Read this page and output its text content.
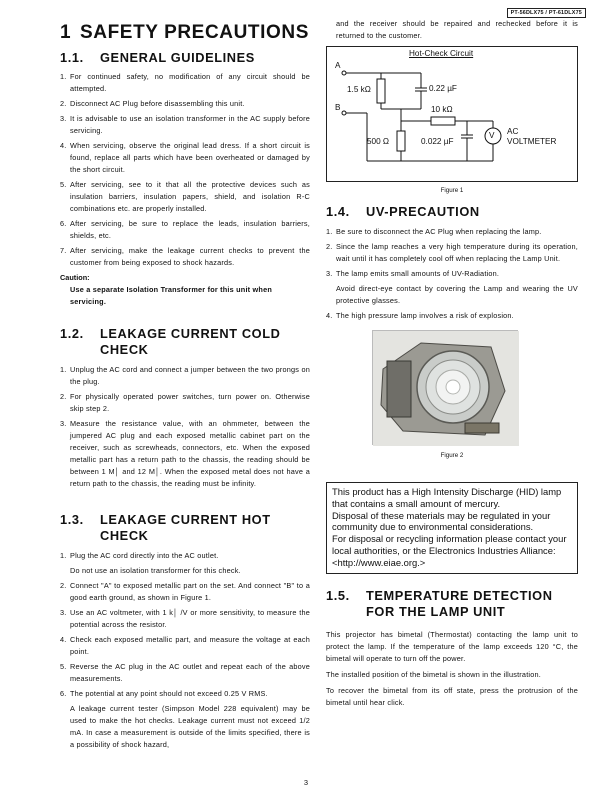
PT-56DLX75 / PT-61DLX75
1 SAFETY PRECAUTIONS
1.1.	GENERAL GUIDELINES
1. For continued safety, no modification of any circuit should be attempted.
2. Disconnect AC Plug before disassembling this unit.
3. It is advisable to use an isolation transformer in the AC supply before servicing.
4. When servicing, observe the original lead dress. If a short circuit is found, replace all parts which have been overheated or damaged by the short circuit.
5. After servicing, see to it that all the protective devices such as insulation barriers, insulation papers, shield, and isolation R-C combinations etc. are properly installed.
6. After servicing, be sure to replace the leads, insulation barriers, shields, etc.
7. After servicing, make the leakage current checks to prevent the customer from being exposed to shock hazards.
Caution:
Use a separate Isolation Transformer for this unit when servicing.
1.2.	LEAKAGE CURRENT COLD CHECK
1. Unplug the AC cord and connect a jumper between the two prongs on the plug.
2. For physically operated power switches, turn power on. Otherwise skip step 2.
3. Measure the resistance value, with an ohmmeter, between the jumpered AC plug and each exposed metallic cabinet part on the receiver, such as screwheads, connectors, etc. When the exposed metallic part has a return path to the chassis, the reading should be between 1 M│ and 12 M│. When the exposed metal does not have a return path to the chassis, the reading must be infinity.
1.3.	LEAKAGE CURRENT HOT CHECK
1. Plug the AC cord directly into the AC outlet.

Do not use an isolation transformer for this check.

2. Connect "A" to exposed metallic part on the set. And connect "B" to a good earth ground, as shown in Figure 1.
3. Use an AC voltmeter, with 1 k│ /V or more sensitivity, to measure the potential across the resistor.
4. Check each exposed metallic part, and measure the voltage at each point.
5. Reverse the AC plug in the AC outlet and repeat each of the above measurements.
6. The potential at any point should not exceed 0.25 V RMS.

A leakage current tester (Simpson Model 228 equivalent) may be used to make the hot checks. Leakage current must not exceed 1/2 mA. In case a measurement is outside of the limits specified, there is a possibility of shock hazard,

and the receiver should be repaired and rechecked before it is returned to the customer.
Hot-Check Circuit
A
B
1.5 kΩ	0.22 µF
10 kΩ
500 Ω	0.022 µF
V AC
VOLTMETER
Figure 1
1.4.	UV-PRECAUTION
1. Be sure to disconnect the AC Plug when replacing the lamp.
2. Since the lamp reaches a very high temperature during its operation, wait until it has completely cool off when replacing the Lamp Unit.
3. The lamp emits small amounts of UV-Radiation.

Avoid direct-eye contact by covering the Lamp and wearing the UV protective glasses.

4. The high pressure lamp involves a risk of explosion.
Figure 2

This product has a High Intensity Discharge (HID) lamp that contains a small amount of mercury.

Disposal of these materials may be regulated in your community due to environmental considerations.

For disposal or recycling information please contact your local authorities, or the Electronics Industries Alliance: <http://www.eiae.org.>

1.5.	TEMPERATURE DETECTION FOR THE LAMP UNIT
This projector has bimetal (Thermostat) contacting the lamp unit to protect the lamp. If the temperature of the lamp exceeds 120 °C, the bimetal will operate to turn off the power.
The installed position of the bimetal is shown in the illustration.
To recover the bimetal from its off state, press the protrusion of the bimetal until hear click.
3
